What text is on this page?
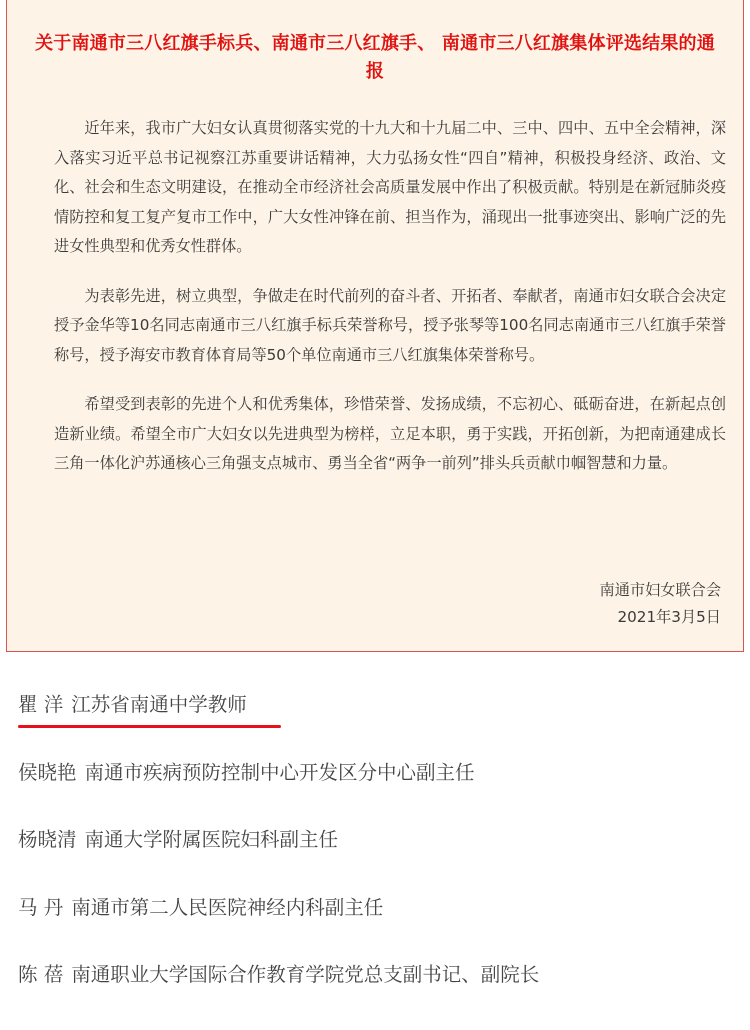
关于南通市三八红旗手标兵、南通市三八红旗手、 南通市三八红旗集体评选结果的通报

近年来，我市广大妇女认真贯彻落实党的十九大和十九届二中、三中、四中、五中全会精神，深入落实习近平总书记视察江苏重要讲话精神，大力弘扬女性“四自”精神，积极投身经济、政治、文化、社会和生态文明建设，在推动全市经济社会高质量发展中作出了积极贡献。特别是在新冠肺炎疫情防控和复工复产复市工作中，广大女性冲锋在前、担当作为，涌现出一批事迹突出、影响广泛的先进女性典型和优秀女性群体。

为表彰先进，树立典型，争做走在时代前列的奋斗者、开拓者、奉献者，南通市妇女联合会决定授予金华等10名同志南通市三八红旗手标兵荣誉称号，授予张琴等100名同志南通市三八红旗手荣誉称号，授予海安市教育体育局等50个单位南通市三八红旗集体荣誉称号。

希望受到表彰的先进个人和优秀集体，珍惜荣誉、发扬成绩，不忘初心、砥砺奋进，在新起点创造新业绩。希望全市广大妇女以先进典型为榜样，立足本职，勇于实践，开拓创新，为把南通建成长三角一体化沪苏通核心三角强支点城市、勇当全省“两争一前列”排头兵贡献巾帼智慧和力量。

南通市妇女联合会
2021年3月5日
瞿 洋 江苏省南通中学教师
侯晓艳 南通市疾病预防控制中心开发区分中心副主任
杨晓清 南通大学附属医院妇科副主任
马 丹 南通市第二人民医院神经内科副主任
陈 蓓 南通职业大学国际合作教育学院党总支副书记、副院长
